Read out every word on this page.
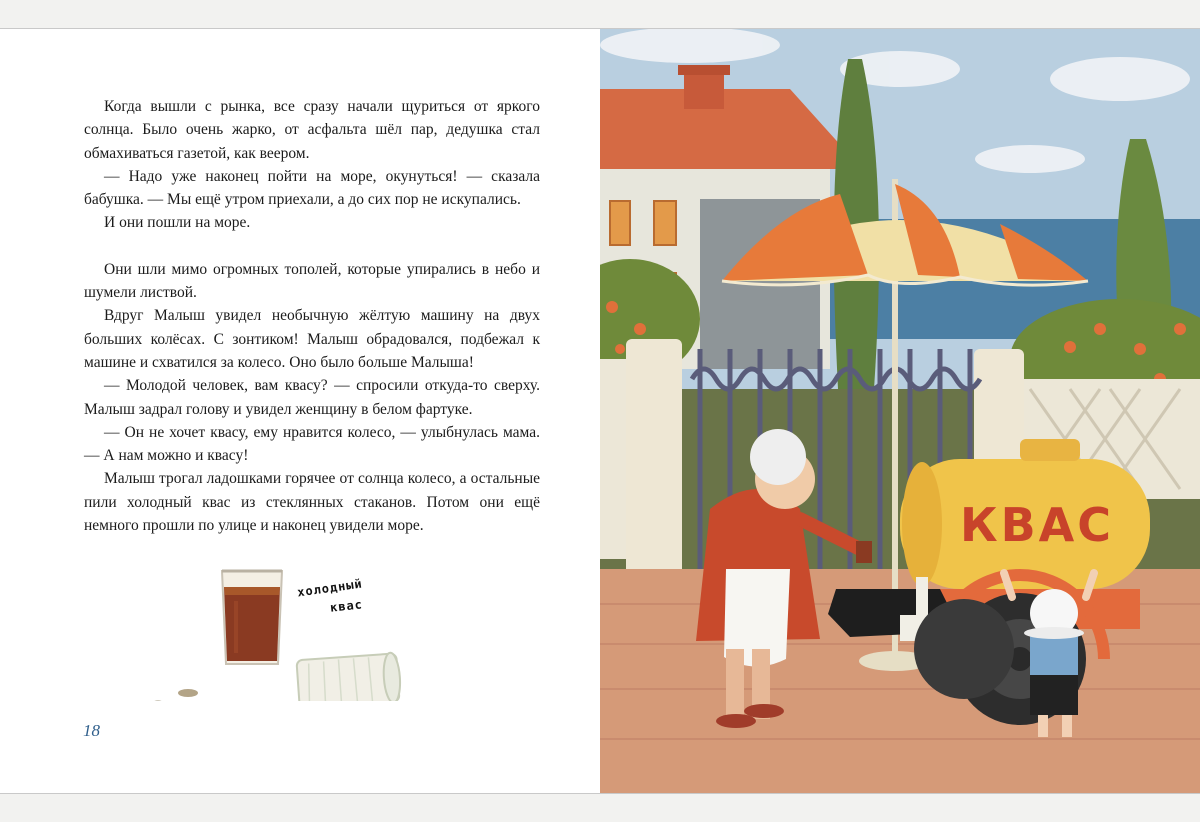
Когда вышли с рынка, все сразу начали щуриться от яркого солнца. Было очень жарко, от асфальта шёл пар, дедушка стал обмахиваться газетой, как веером.

— Надо уже наконец пойти на море, окунуться! — сказала бабушка. — Мы ещё утром приехали, а до сих пор не искупались.

И они пошли на море.

Они шли мимо огромных тополей, которые упирались в небо и шумели листвой.

Вдруг Малыш увидел необычную жёлтую машину на двух больших колёсах. С зонтиком! Малыш обрадовался, подбежал к машине и схватился за колесо. Оно было больше Малыша!

— Молодой человек, вам квасу? — спросили откуда-то сверху. Малыш задрал голову и увидел женщину в белом фартуке.

— Он не хочет квасу, ему нравится колесо, — улыбнулась мама. — А нам можно и квасу!

Малыш трогал ладошками горячее от солнца колесо, а остальные пили холодный квас из стеклянных стаканов. Потом они ещё немного прошли по улице и наконец увидели море.

холодный
квас
18
КВАС
